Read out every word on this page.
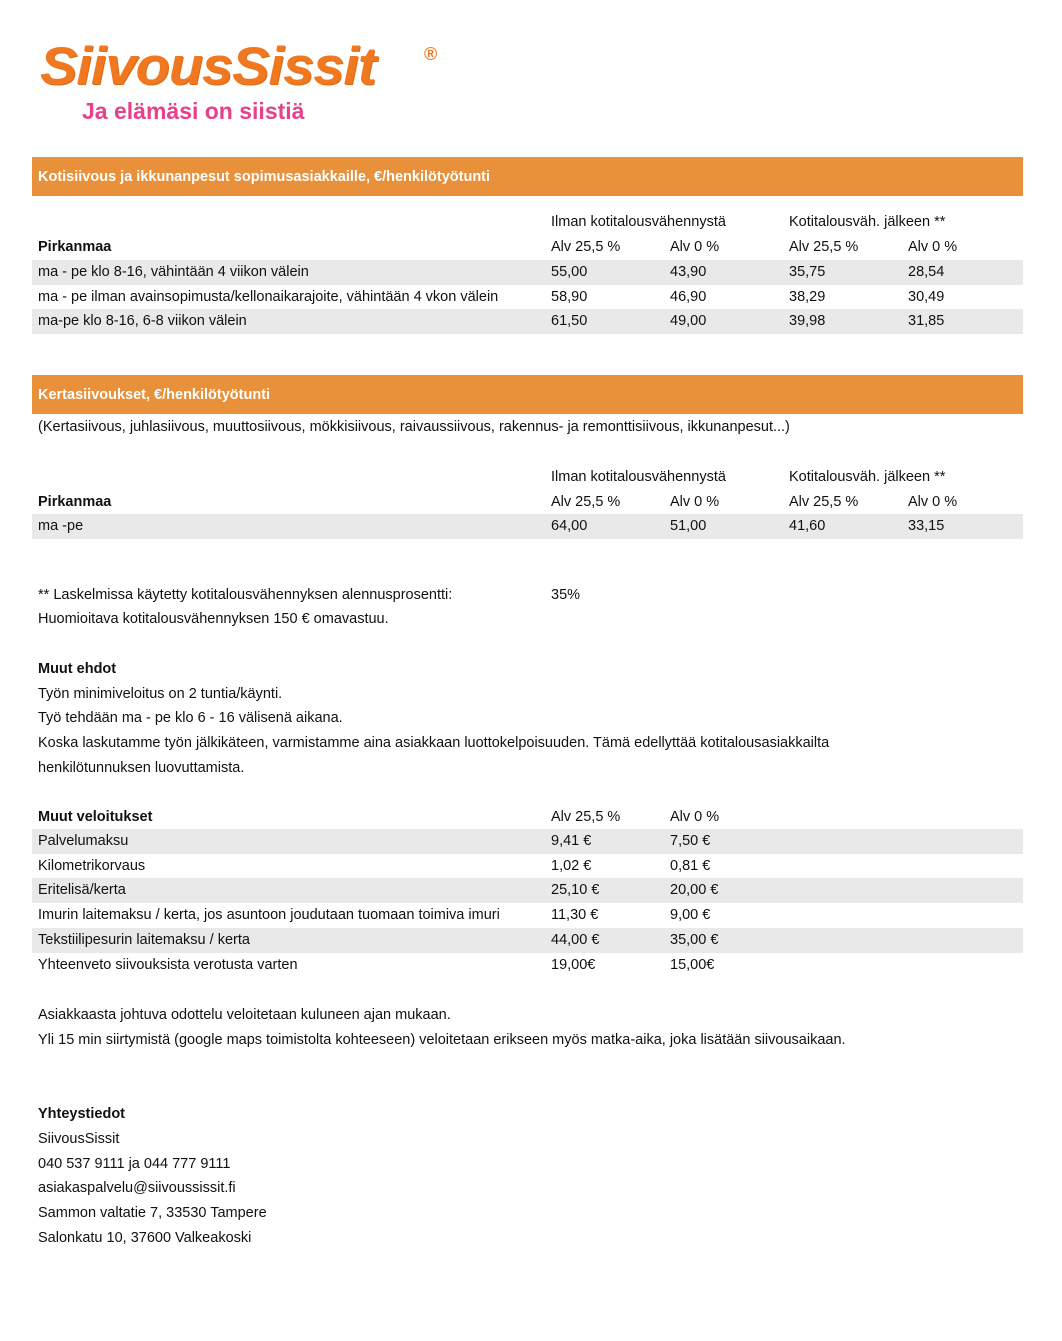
SiivousSissit	®
Ja elämäsi on siistiä
Kotisiivous ja ikkunanpesut sopimusasiakkaille, €/henkilötyötunti
Ilman kotitalousvähennystä	Kotitalousväh. jälkeen **
Pirkanmaa	Alv 25,5 %	Alv 0 %	Alv 25,5 %	Alv 0 %
ma - pe klo 8-16, vähintään 4 viikon välein	55,00	43,90	35,75	28,54
ma - pe ilman avainsopimusta/kellonaikarajoite, vähintään 4 vkon välein	58,90	46,90	38,29	30,49
ma-pe klo 8-16, 6-8 viikon välein	61,50	49,00	39,98	31,85
Kertasiivoukset, €/henkilötyötunti
(Kertasiivous, juhlasiivous, muuttosiivous, mökkisiivous, raivaussiivous, rakennus- ja remonttisiivous, ikkunanpesut...)
Ilman kotitalousvähennystä	Kotitalousväh. jälkeen **
Pirkanmaa	Alv 25,5 %	Alv 0 %	Alv 25,5 %	Alv 0 %
ma -pe	64,00	51,00	41,60	33,15
** Laskelmissa käytetty kotitalousvähennyksen alennusprosentti:	35%
Huomioitava kotitalousvähennyksen 150 € omavastuu.
Muut ehdot
Työn minimiveloitus on 2 tuntia/käynti.
Työ tehdään ma - pe klo 6 - 16 välisenä aikana.
Koska laskutamme työn jälkikäteen, varmistamme aina asiakkaan luottokelpoisuuden. Tämä edellyttää kotitalousasiakkailta
henkilötunnuksen luovuttamista.
Muut veloitukset	Alv 25,5 %	Alv 0 %
Palvelumaksu	9,41 €	7,50 €
Kilometrikorvaus	1,02 €	0,81 €
Eritelisä/kerta	25,10 €	20,00 €
Imurin laitemaksu / kerta, jos asuntoon joudutaan tuomaan toimiva imuri	11,30 €	9,00 €
Tekstiilipesurin laitemaksu / kerta	44,00 €	35,00 €
Yhteenveto siivouksista verotusta varten	19,00€	15,00€
Asiakkaasta johtuva odottelu veloitetaan kuluneen ajan mukaan.
Yli 15 min siirtymistä (google maps toimistolta kohteeseen) veloitetaan erikseen myös matka-aika, joka lisätään siivousaikaan.
Yhteystiedot
SiivousSissit
040 537 9111 ja 044 777 9111
asiakaspalvelu@siivoussissit.fi
Sammon valtatie 7, 33530 Tampere
Salonkatu 10, 37600 Valkeakoski
